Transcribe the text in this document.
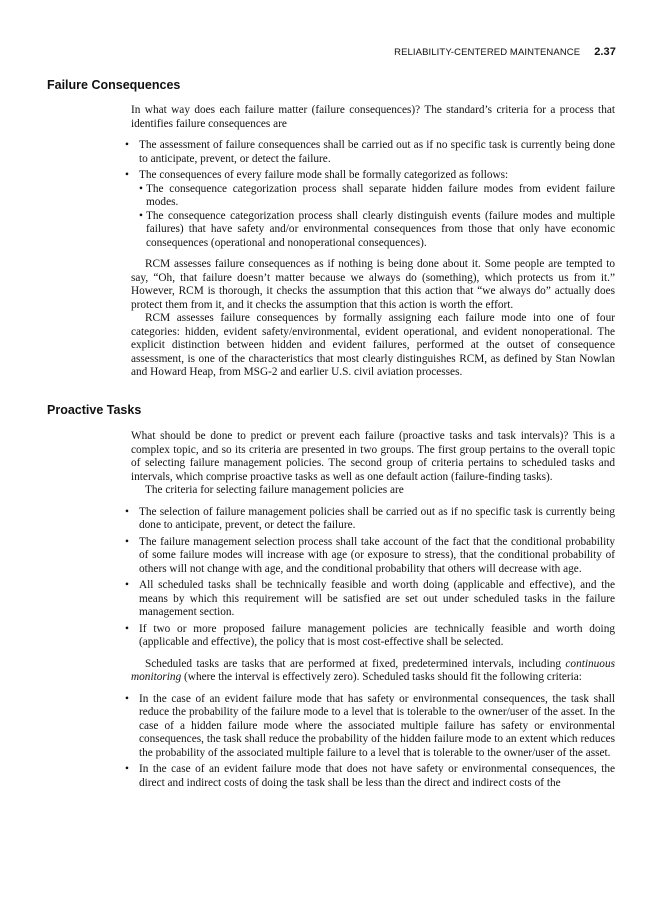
RELIABILITY-CENTERED MAINTENANCE 2.37
Failure Consequences

In what way does each failure matter (failure consequences)? The standard’s criteria for a process that identifies failure consequences are

• The assessment of failure consequences shall be carried out as if no specific task is currently being done to anticipate, prevent, or detect the failure.
• The consequences of every failure mode shall be formally categorized as follows:
• The consequence categorization process shall separate hidden failure modes from evident failure modes.
• The consequence categorization process shall clearly distinguish events (failure modes and multiple failures) that have safety and/or environmental consequences from those that only have economic consequences (operational and nonoperational consequences).

RCM assesses failure consequences as if nothing is being done about it. Some people are tempted to say, “Oh, that failure doesn’t matter because we always do (something), which protects us from it.” However, RCM is thorough, it checks the assumption that this action that “we always do” actually does protect them from it, and it checks the assumption that this action is worth the effort.

RCM assesses failure consequences by formally assigning each failure mode into one of four categories: hidden, evident safety/environmental, evident operational, and evident nonoperational. The explicit distinction between hidden and evident failures, performed at the outset of consequence assessment, is one of the characteristics that most clearly distinguishes RCM, as defined by Stan Nowlan and Howard Heap, from MSG-2 and earlier U.S. civil aviation processes.

Proactive Tasks

What should be done to predict or prevent each failure (proactive tasks and task intervals)? This is a complex topic, and so its criteria are presented in two groups. The first group pertains to the overall topic of selecting failure management policies. The second group of criteria pertains to scheduled tasks and intervals, which comprise proactive tasks as well as one default action (failure-finding tasks).

The criteria for selecting failure management policies are

• The selection of failure management policies shall be carried out as if no specific task is currently being done to anticipate, prevent, or detect the failure.
• The failure management selection process shall take account of the fact that the conditional probability of some failure modes will increase with age (or exposure to stress), that the conditional probability of others will not change with age, and the conditional probability that others will decrease with age.
• All scheduled tasks shall be technically feasible and worth doing (applicable and effective), and the means by which this requirement will be satisfied are set out under scheduled tasks in the failure management section.
• If two or more proposed failure management policies are technically feasible and worth doing (applicable and effective), the policy that is most cost-effective shall be selected.

Scheduled tasks are tasks that are performed at fixed, predetermined intervals, including continuous monitoring (where the interval is effectively zero). Scheduled tasks should fit the following criteria:

• In the case of an evident failure mode that has safety or environmental consequences, the task shall reduce the probability of the failure mode to a level that is tolerable to the owner/user of the asset. In the case of a hidden failure mode where the associated multiple failure has safety or environmental consequences, the task shall reduce the probability of the hidden failure mode to an extent which reduces the probability of the associated multiple failure to a level that is tolerable to the owner/user of the asset.
• In the case of an evident failure mode that does not have safety or environmental consequences, the direct and indirect costs of doing the task shall be less than the direct and indirect costs of the
